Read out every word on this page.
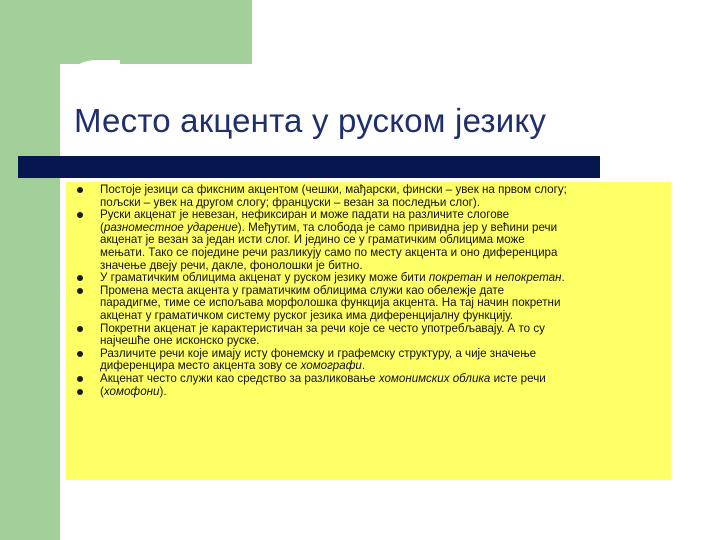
Место акцента у руском језику
Постоје језици са фиксним акцентом (чешки, мађарски, фински – увек на првом слогу;
пољски – увек на другом слогу; француски – везан за последњи слог).
Руски акценат је невезан, нефиксиран и може падати на различите слогове
(разноместное ударение). Међутим, та слобода је само привидна јер у већини речи
акценат је везан за један исти слог. И једино се у граматичким облицима може
мењати. Тако се поједине речи разликују само по месту акцента и оно диференцира
значење двеју речи, дакле, фонолошки је битно.
У граматичким облицима акценат у руском језику може бити покретан и непокретан.
Промена места акцента у граматичким облицима служи као обележје дате
парадигме, тиме се испољава морфолошка функција акцента. На тај начин покретни
акценат у граматичком систему руског језика има диференцијалну функцију.
Покретни акценат је карактеристичан за речи које се често употребљавају. А то су
најчешће оне исконско руске.
Различите речи које имају исту фонемску и графемску структуру, а чије значење
диференцира место акцента зову се хомографи.
Акценат често служи као средство за разликовање хомонимских облика исте речи
(хомофони).
